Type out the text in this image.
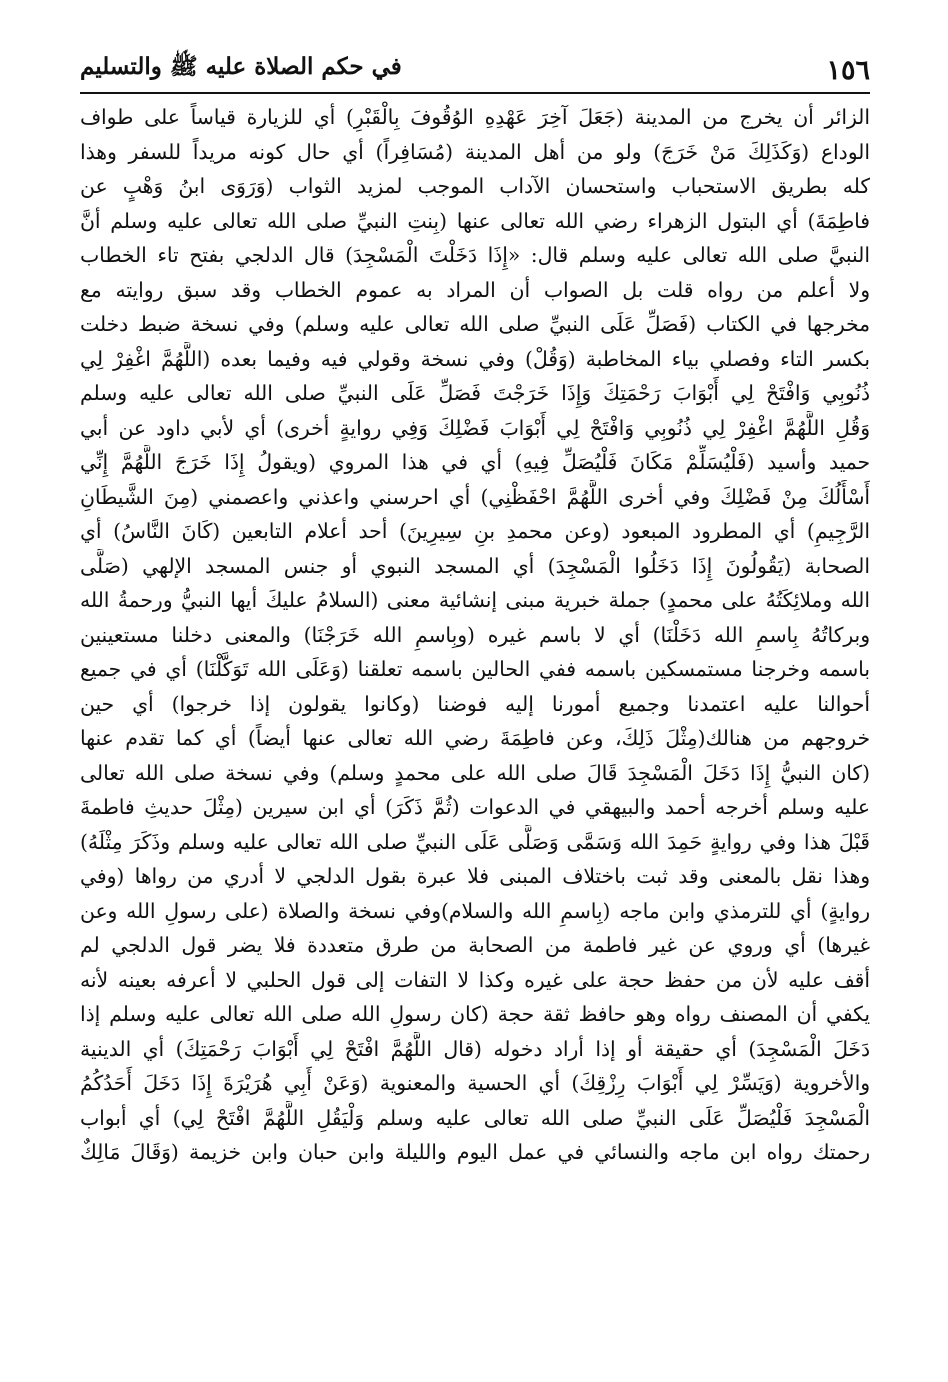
١٥٦
في حكم الصلاة عليه ﷺ والتسليم
الزائر أن يخرج من المدينة (جَعَلَ آخِرَ عَهْدِهِ الوُقُوفَ بِالْقَبْرِ) أي للزيارة قياساً على طواف
الوداع (وَكَذَلِكَ مَنْ خَرَجَ) ولو من أهل المدينة (مُسَافِراً) أي حال كونه مريداً للسفر وهذا
كله بطريق الاستحباب واستحسان الآداب الموجب لمزيد الثواب (وَرَوَى ابنُ وَهْبٍ عن
فاطِمَةَ) أي البتول الزهراء رضي الله تعالى عنها (بِنتِ النبيِّ صلى الله تعالى عليه وسلم أنَّ
النبيَّ صلى الله تعالى عليه وسلم قال: «إِذَا دَخَلْتَ الْمَسْجِدَ) قال الدلجي بفتح تاء الخطاب
ولا أعلم من رواه قلت بل الصواب أن المراد به عموم الخطاب وقد سبق روايته مع
مخرجها في الكتاب (فَصَلِّ عَلَى النبيِّ صلى الله تعالى عليه وسلم) وفي نسخة ضبط دخلت
بكسر التاء وفصلي بياء المخاطبة (وَقُلْ) وفي نسخة وقولي فيه وفيما بعده (اللَّهُمَّ اغْفِرْ لِي
ذُنُوبِي وَافْتَحْ لِي أَبْوَابَ رَحْمَتِكَ وَإِذَا خَرَجْتَ فَصَلِّ عَلَى النبيِّ صلى الله تعالى عليه وسلم
وَقُلِ اللَّهُمَّ اغْفِرْ لِي ذُنُوبِي وَافْتَحْ لِي أَبْوَابَ فَضْلِكَ وَفِي روايةٍ أخرى) أي لأبي داود عن أبي
حميد وأسيد (فَلْيُسَلِّمْ مَكَانَ فَلْيُصَلِّ فِيهِ) أي في هذا المروي (ويقولُ إِذَا خَرَجَ اللَّهُمَّ إِنِّي
أَسْأَلُكَ مِنْ فَضْلِكَ وفي أخرى اللَّهُمَّ احْفَظْنِي) أي احرسني واعذني واعصمني (مِنَ الشَّيطَانِ
الرَّجِيمِ) أي المطرود المبعود (وعن محمدِ بنِ سِيرِينَ) أحد أعلام التابعين (كَانَ النَّاسُ) أي
الصحابة (يَقُولُونَ إِذَا دَخَلُوا الْمَسْجِدَ) أي المسجد النبوي أو جنس المسجد الإلهي (صَلَّى
الله وملائِكَتُهُ على محمدٍ) جملة خبرية مبنى إنشائية معنى (السلامُ عليكَ أيها النبيُّ ورحمةُ الله
وبركاتُهُ بِاسمِ الله دَخَلْنَا) أي لا باسم غيره (وبِاسمِ الله خَرَجْنَا) والمعنى دخلنا مستعينين
باسمه وخرجنا مستمسكين باسمه ففي الحالين باسمه تعلقنا (وَعَلَى الله تَوَكَّلْنَا) أي في جميع
أحوالنا عليه اعتمدنا وجميع أمورنا إليه فوضنا (وكانوا يقولون إذا خرجوا) أي حين
خروجهم من هنالك(مِثْلَ ذَلِكَ، وعن فاطِمَةَ رضي الله تعالى عنها أيضاً) أي كما تقدم عنها
(كان النبيُّ إِذَا دَخَلَ الْمَسْجِدَ قَالَ صلى الله على محمدٍ وسلم) وفي نسخة صلى الله تعالى
عليه وسلم أخرجه أحمد والبيهقي في الدعوات (ثُمَّ ذَكَرَ) أي ابن سيرين (مِثْلَ حديثِ فاطمةَ
قَبْلَ هذا وفي روايةٍ حَمِدَ الله وَسَمَّى وَصَلَّى عَلَى النبيِّ صلى الله تعالى عليه وسلم وذَكَرَ مِثْلَهُ)
وهذا نقل بالمعنى وقد ثبت باختلاف المبنى فلا عبرة بقول الدلجي لا أدري من رواها (وفي
روايةٍ) أي للترمذي وابن ماجه (بِاسمِ الله والسلام)وفي نسخة والصلاة (على رسولِ الله وعن
غيرها) أي وروي عن غير فاطمة من الصحابة من طرق متعددة فلا يضر قول الدلجي لم
أقف عليه لأن من حفظ حجة على غيره وكذا لا التفات إلى قول الحلبي لا أعرفه بعينه لأنه
يكفي أن المصنف رواه وهو حافظ ثقة حجة (كان رسولِ الله صلى الله تعالى عليه وسلم إذا
دَخَلَ الْمَسْجِدَ) أي حقيقة أو إذا أراد دخوله (قال اللَّهُمَّ افْتَحْ لِي أَبْوَابَ رَحْمَتِكَ) أي الدينية
والأخروية (وَيَسِّرْ لِي أَبْوَابَ رِزْقِكَ) أي الحسية والمعنوية (وَعَنْ أَبِي هُرَيْرَةَ إِذَا دَخَلَ أَحَدُكُمُ
الْمَسْجِدَ فَلْيُصَلِّ عَلَى النبيِّ صلى الله تعالى عليه وسلم وَلْيَقُلِ اللَّهُمَّ افْتَحْ لِي) أي أبواب
رحمتك رواه ابن ماجه والنسائي في عمل اليوم والليلة وابن حبان وابن خزيمة (وَقَالَ مَالِكٌ
